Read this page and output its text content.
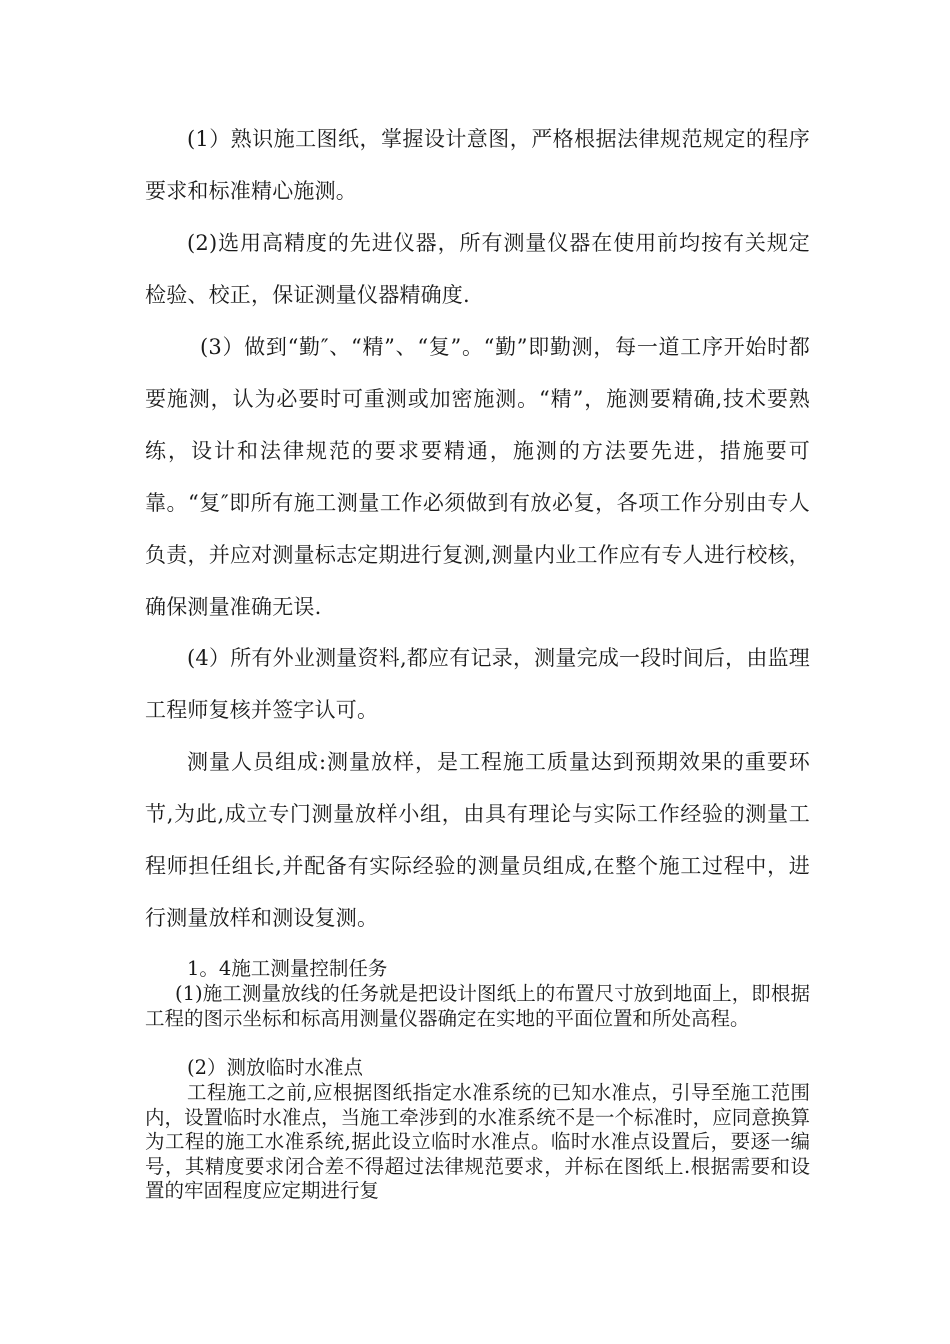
(1）熟识施工图纸，掌握设计意图，严格根据法律规范规定的程序要求和标准精心施测。

(2)选用高精度的先进仪器，所有测量仪器在使用前均按有关规定检验、校正，保证测量仪器精确度.

(3）做到“勤″、“精”、“复”。“勤”即勤测，每一道工序开始时都要施测，认为必要时可重测或加密施测。“精”，施测要精确,技术要熟练，设计和法律规范的要求要精通，施测的方法要先进，措施要可靠。“复″即所有施工测量工作必须做到有放必复，各项工作分别由专人负责，并应对测量标志定期进行复测,测量内业工作应有专人进行校核，确保测量准确无误.

(4）所有外业测量资料,都应有记录，测量完成一段时间后，由监理工程师复核并签字认可。

测量人员组成:测量放样，是工程施工质量达到预期效果的重要环节,为此,成立专门测量放样小组，由具有理论与实际工作经验的测量工程师担任组长,并配备有实际经验的测量员组成,在整个施工过程中，进行测量放样和测设复测。

1。4施工测量控制任务

(1)施工测量放线的任务就是把设计图纸上的布置尺寸放到地面上，即根据工程的图示坐标和标高用测量仪器确定在实地的平面位置和所处高程。

(2）测放临时水准点

工程施工之前,应根据图纸指定水准系统的已知水准点，引导至施工范围内，设置临时水准点，当施工牵涉到的水准系统不是一个标准时，应同意换算为工程的施工水准系统,据此设立临时水准点。临时水准点设置后，要逐一编号，其精度要求闭合差不得超过法律规范要求，并标在图纸上.根据需要和设置的牢固程度应定期进行复
